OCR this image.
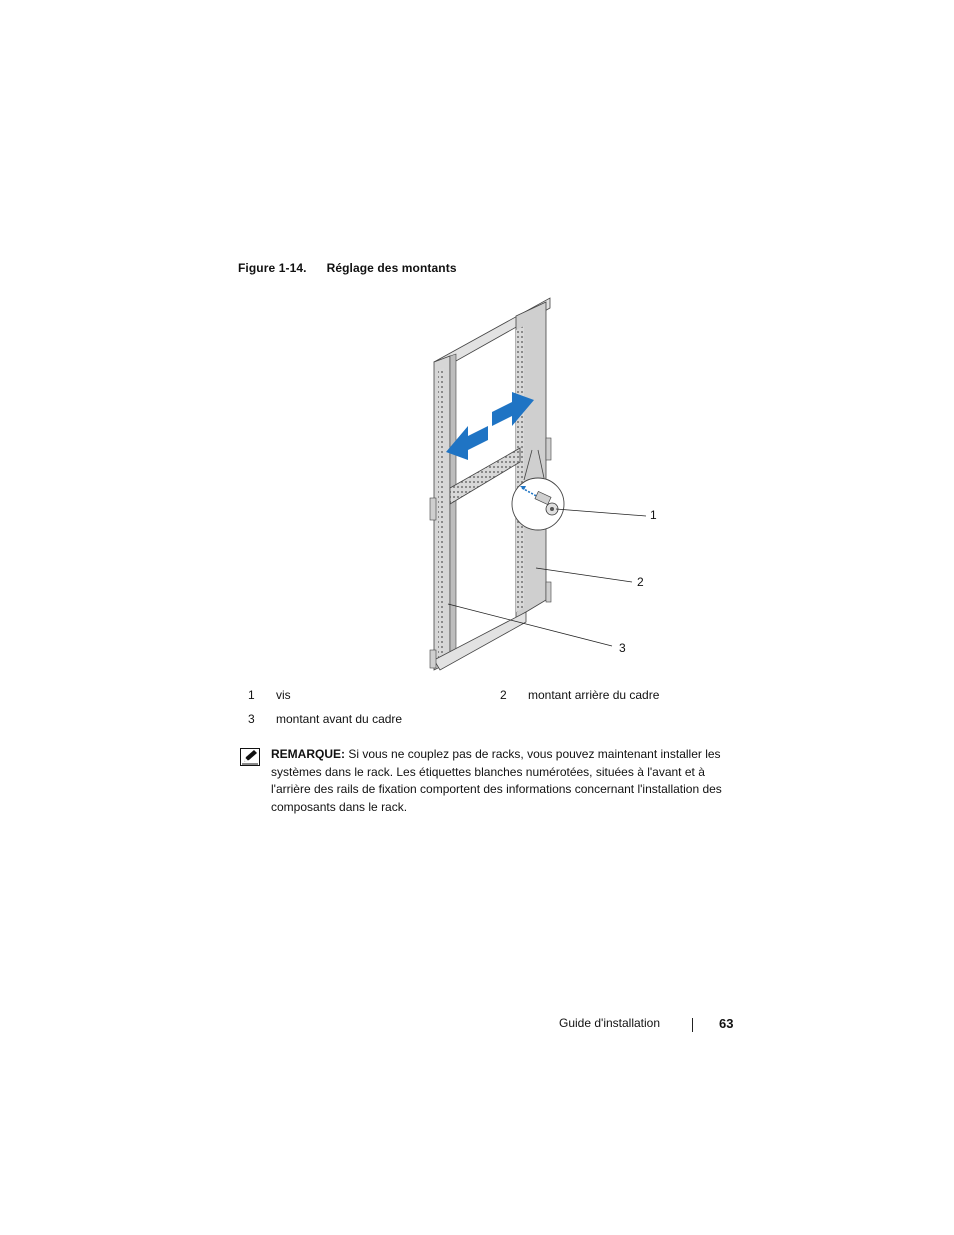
Figure 1-14. Réglage des montants
1
2
3
1 vis	2 montant arrière du cadre
3 montant avant du cadre
REMARQUE: Si vous ne couplez pas de racks, vous pouvez maintenant installer les systèmes dans le rack. Les étiquettes blanches numérotées, situées à l'avant et à l'arrière des rails de fixation comportent des informations concernant l'installation des composants dans le rack.
Guide d'installation	63
